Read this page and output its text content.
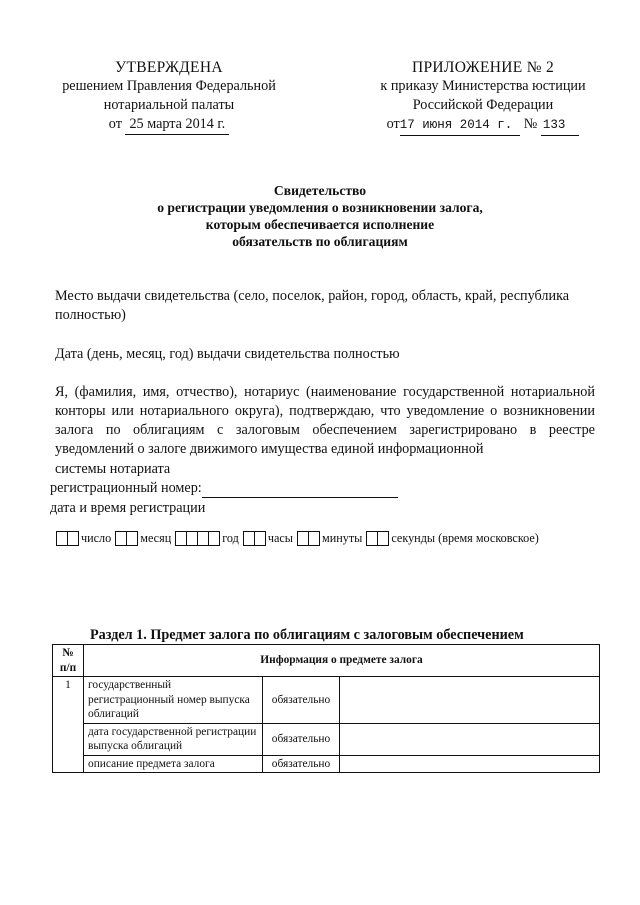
УТВЕРЖДЕНА
решением Правления Федеральной
нотариальной палаты
от 25 марта 2014 г.
ПРИЛОЖЕНИЕ № 2
к приказу Министерства юстиции
Российской Федерации
от17 июня 2014 г. № 133
Свидетельство
о регистрации уведомления о возникновении залога,
которым обеспечивается исполнение
обязательств по облигациям
Место выдачи свидетельства (село, поселок, район, город, область, край, республика
полностью)
Дата (день, месяц, год) выдачи свидетельства полностью
Я, (фамилия, имя, отчество), нотариус (наименование государственной нотариальной конторы или нотариального округа), подтверждаю, что уведомление о возникновении залога по облигациям с залоговым обеспечением зарегистрировано в реестре уведомлений о залоге движимого имущества единой информационной
системы нотариата
регистрационный номер:
дата и время регистрации
число месяц	год часы минуты секунды (время московское)
Раздел 1. Предмет залога по облигациям с залоговым обеспечением
№ п/п	Информация о предмете залога		
1	государственный регистрационный номер выпуска облигаций	обязательно	
	дата государственной регистрации выпуска облигаций	обязательно	
	описание предмета залога	обязательно	
